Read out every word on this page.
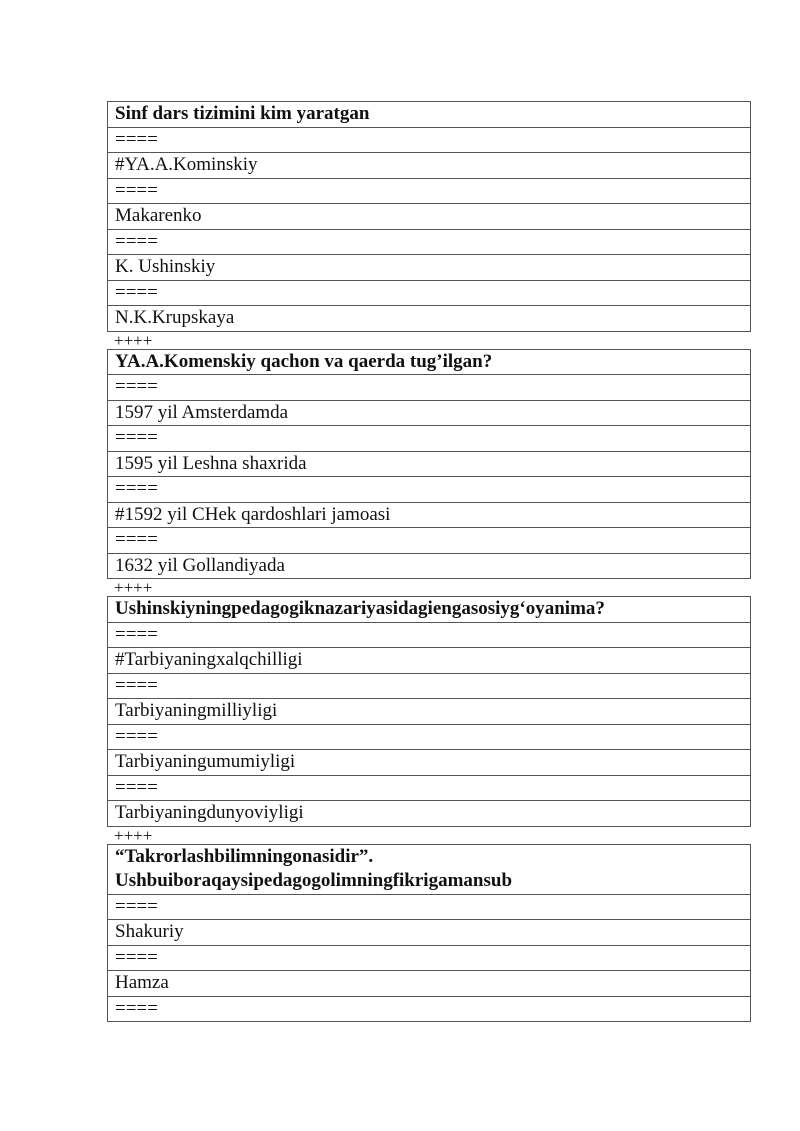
Sinf dars tizimini kim yaratgan
====
#YA.A.Kominskiy
====
Makarenko
====
K. Ushinskiy
====
N.K.Krupskaya
++++
YA.A.Komenskiy qachon va qaerda tug’ilgan?
====
1597 yil Amsterdamda
====
1595 yil Leshna shaxrida
====
#1592 yil CHek qardoshlari jamoasi
====
1632 yil Gollandiyada
++++
Ushinskiyningpedagogiknazariyasidagiengasosiyg‘oyanima?
====
#Tarbiyaningxalqchilligi
====
Tarbiyaningmilliyligi
====
Tarbiyaningumumiyligi
====
Tarbiyaningdunyoviyligi
++++
“Takrorlashbilimningonasidir”.
Ushbuiboraqaysipedagogolimningfikrigamansub
====
Shakuriy
====
Hamza
====
